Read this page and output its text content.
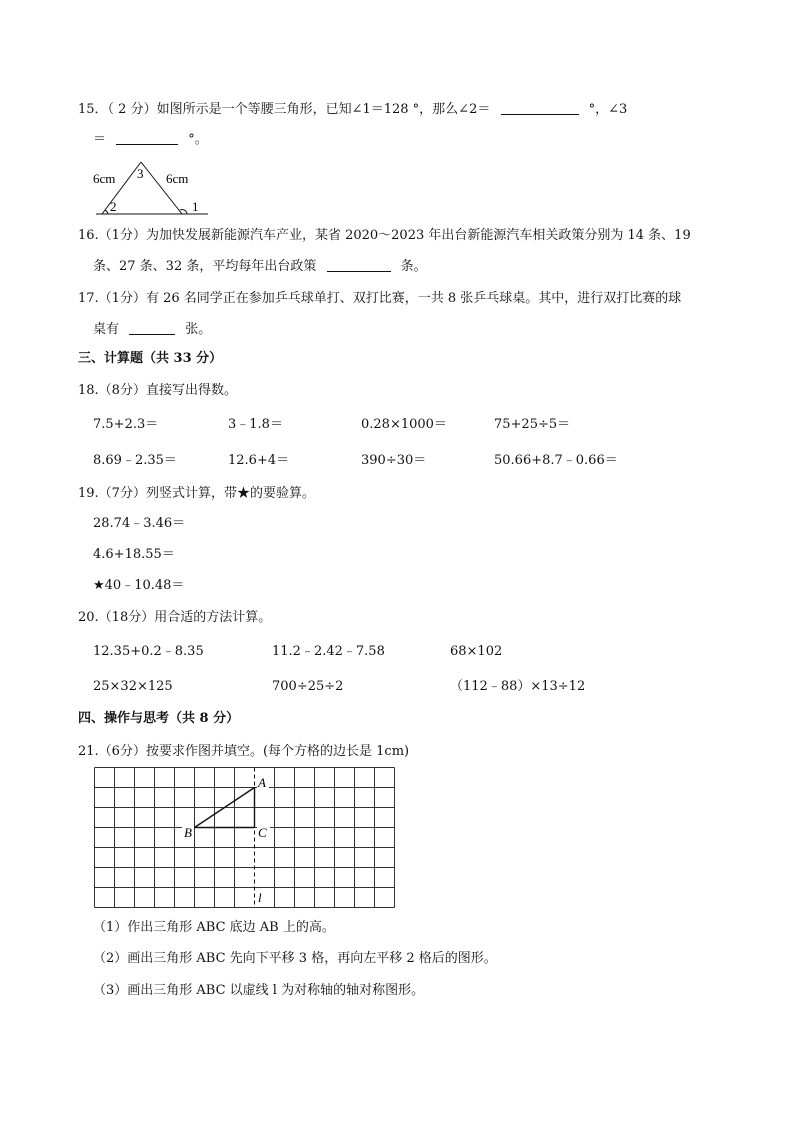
15．（ 2 分）如图所示是一个等腰三角形，已知∠1＝128 °，那么∠2＝	°，∠3
＝	°。
6cm	6cm
3
2	1
16.（1分）为加快发展新能源汽车产业，某省 2020～2023 年出台新能源汽车相关政策分别为 14 条、19
条、27 条、32 条，平均每年出台政策	条。
17.（1分）有 26 名同学正在参加乒乓球单打、双打比赛，一共 8 张乒乓球桌。其中，进行双打比赛的球
桌有	张。
三、计算题（共 33 分）
18.（8分）直接写出得数。
7.5+2.3＝	3﹣1.8＝	0.28×1000＝	75+25÷5＝
8.69﹣2.35＝	12.6+4＝	390÷30＝	50.66+8.7﹣0.66＝
19.（7分）列竖式计算，带★的要验算。
28.74﹣3.46＝
4.6+18.55＝
★40﹣10.48＝
20.（18分）用合适的方法计算。
12.35+0.2﹣8.35	11.2﹣2.42﹣7.58	68×102
25×32×125	700÷25÷2	（112﹣88）×13÷12
四、操作与思考（共 8 分）
21.（6分）按要求作图并填空。(每个方格的边长是 1cm)
A
B	C
l
（1）作出三角形 ABC 底边 AB 上的高。
（2）画出三角形 ABC 先向下平移 3 格，再向左平移 2 格后的图形。
（3）画出三角形 ABC 以虚线 l 为对称轴的轴对称图形。
